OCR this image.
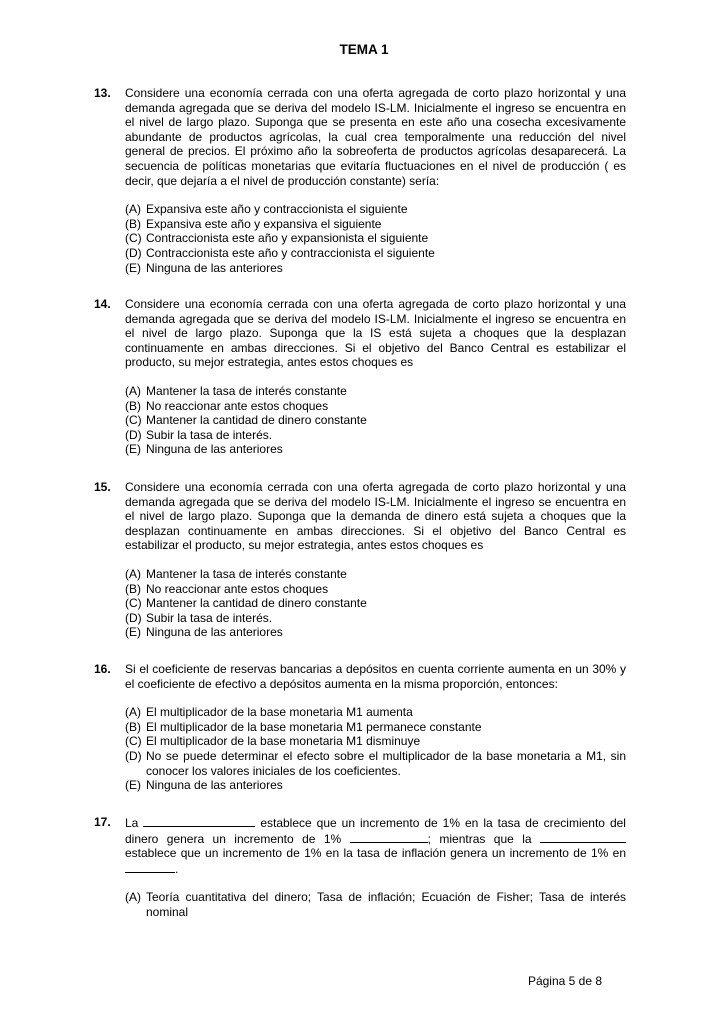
TEMA 1
13. Considere una economía cerrada con una oferta agregada de corto plazo horizontal y una demanda agregada que se deriva del modelo IS-LM. Inicialmente el ingreso se encuentra en el nivel de largo plazo. Suponga que se presenta en este año una cosecha excesivamente abundante de productos agrícolas, la cual crea temporalmente una reducción del nivel general de precios. El próximo año la sobreoferta de productos agrícolas desaparecerá. La secuencia de políticas monetarias que evitaría fluctuaciones en el nivel de producción ( es decir, que dejaría a el nivel de producción constante) sería:
(A) Expansiva este año y contraccionista el siguiente
(B) Expansiva este año y expansiva el siguiente
(C) Contraccionista este año y expansionista el siguiente
(D) Contraccionista este año y contraccionista el siguiente
(E) Ninguna de las anteriores
14. Considere una economía cerrada con una oferta agregada de corto plazo horizontal y una demanda agregada que se deriva del modelo IS-LM. Inicialmente el ingreso se encuentra en el nivel de largo plazo. Suponga que la IS está sujeta a choques que la desplazan continuamente en ambas direcciones. Si el objetivo del Banco Central es estabilizar el producto, su mejor estrategia, antes estos choques es
(A) Mantener la tasa de interés constante
(B) No reaccionar ante estos choques
(C) Mantener la cantidad de dinero constante
(D) Subir la tasa de interés.
(E) Ninguna de las anteriores
15. Considere una economía cerrada con una oferta agregada de corto plazo horizontal y una demanda agregada que se deriva del modelo IS-LM. Inicialmente el ingreso se encuentra en el nivel de largo plazo. Suponga que la demanda de dinero está sujeta a choques que la desplazan continuamente en ambas direcciones. Si el objetivo del Banco Central es estabilizar el producto, su mejor estrategia, antes estos choques es
(A) Mantener la tasa de interés constante
(B) No reaccionar ante estos choques
(C) Mantener la cantidad de dinero constante
(D) Subir la tasa de interés.
(E) Ninguna de las anteriores
16. Si el coeficiente de reservas bancarias a depósitos en cuenta corriente aumenta en un 30% y el coeficiente de efectivo a depósitos aumenta en la misma proporción, entonces:
(A) El multiplicador de la base monetaria M1 aumenta
(B) El multiplicador de la base monetaria M1 permanece constante
(C) El multiplicador de la base monetaria M1 disminuye
(D) No se puede determinar el efecto sobre el multiplicador de la base monetaria a M1, sin conocer los valores iniciales de los coeficientes.
(E) Ninguna de las anteriores
17. La	establece que un incremento de 1% en la tasa de crecimiento del dinero genera un incremento de 1%	; mientras que la  establece que un incremento de 1% en la tasa de inflación genera un incremento de 1% en .
(A) Teoría cuantitativa del dinero; Tasa de inflación; Ecuación de Fisher; Tasa de interés nominal
Página 5 de 8
